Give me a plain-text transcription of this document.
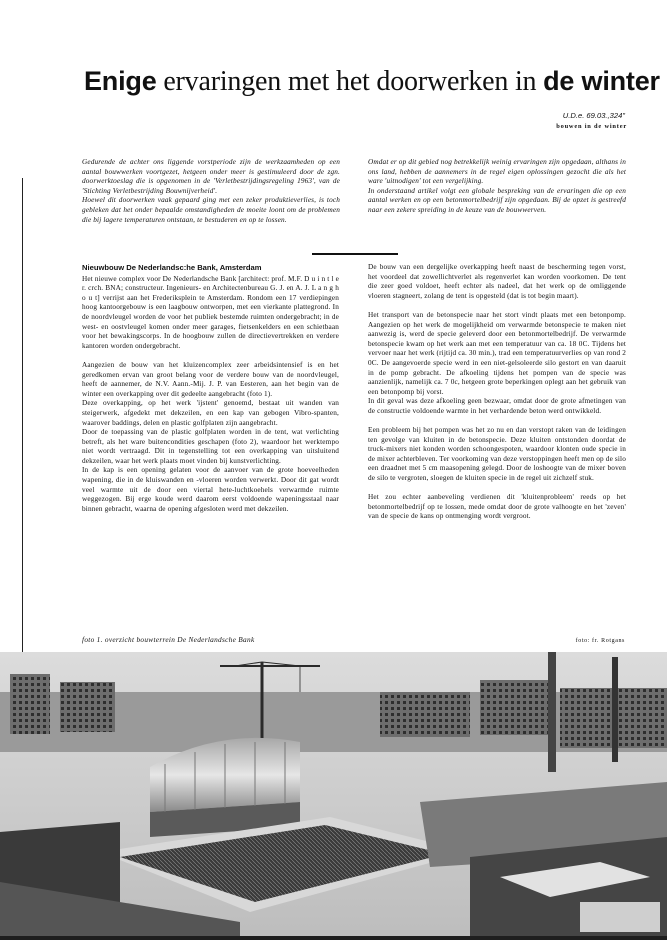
Enige ervaringen met het doorwerken in de winter
U.D.e. 69.03.,324"
bouwen in de winter

Gedurende de achter ons liggende vorstperiode zijn de werkzaamheden op een aantal bouwwerken voortgezet, hetgeen onder meer is gestimuleerd door de zgn. doorwerktoeslag die is opgenomen in de 'Verletbestrijdingsregeling 1963', van de 'Stichting Verletbestrijding Bouwnijverheid'.

Hoewel dit doorwerken vaak gepaard ging met een zeker produktieverlies, is toch gebleken dat het onder bepaalde omstandigheden de moeite loont om de problemen die bij lagere temperaturen ontstaan, te bestuderen en op te lossen.

Omdat er op dit gebied nog betrekkelijk weinig ervaringen zijn opgedaan, althans in ons land, hebben de aannemers in de regel eigen oplossingen gezocht die als het ware 'uitnodigen' tot een vergelijking.

In onderstaand artikel volgt een globale bespreking van de ervaringen die op een aantal werken en op een betonmortelbedrijf zijn opgedaan. Bij de opzet is gestreefd naar een zekere spreiding in de keuze van de bouwwerven.

Nieuwbouw De Nederlandsc:he Bank, Amsterdam

Het nieuwe complex voor De Nederlandsche Bank [architect: prof. M.F. D u i n t l e r. crch. BNA; constructeur. Ingenieurs- en Architectenbureau G. J. en A. J. L a n g h o u t] verrijst aan het Frederiksplein te Amsterdam. Rondom een 17 verdiepingen hoog kantoorgebouw is een laagbouw ontworpen, met een vierkante plattegrond. In de noordvleugel worden de voor het publiek bestemde ruimten ondergebracht; in de west- en oostvleugel komen onder meer garages, fietsenkelders en een schietbaan voor het bewakingscorps. In de hoogbouw zullen de directievertrekken en verdere kantoren worden ondergebracht.

Aangezien de bouw van het kluizencomplex zeer arbeidsintensief is en het geredkomen ervan van groot belang voor de verdere bouw van de noordvleugel, heeft de aannemer, de N.V. Aann.-Mij. J. P. van Eesteren, aan het begin van de winter een overkapping over dit gedeelte aangebracht (foto 1).

Deze overkapping, op het werk 'ijstent' genoemd, bestaat uit wanden van steigerwerk, afgedekt met dekzeilen, en een kap van gebogen Vibro-spanten, waarover baddings, delen en plastic golfplaten zijn aangebracht.

Door de toepassing van de plastic golfplaten worden in de tent, wat verlichting betreft, als het ware buitencondities geschapen (foto 2), waardoor het werktempo niet wordt vertraagd. Dit in tegenstelling tot een overkapping van uitsluitend dekzeilen, waar het werk plaats moet vinden bij kunstverlichting.

In de kap is een opening gelaten voor de aanvoer van de grote hoeveelheden wapening, die in de kluiswanden en -vloeren worden verwerkt. Door dit gat wordt veel warmte uit de door een viertal hete-luchtkoehels verwarmde ruimte weggezogen. Bij erge koude werd daarom eerst voldoende wapeningsstaal naar binnen gebracht, waarna de opening afgesloten werd met dekzeilen.

De bouw van een dergelijke overkapping heeft naast de bescherming tegen vorst, het voordeel dat zowellichtverlet als regenverlet kan worden voorkomen. De tent die zeer goed voldoet, heeft echter als nadeel, dat het werk op de omliggende vloeren stagneert, zolang de tent is opgesteld (dat is tot begin maart).

Het transport van de betonspecie naar het stort vindt plaats met een betonpomp. Aangezien op het werk de mogelijkheid om verwarmde betonspecie te maken niet aanwezig is, werd de specie geleverd door een betonmortelbedrijf. De verwarmde betonspecie kwam op het werk aan met een temperatuur van ca. 18 0C. Tijdens het vervoer naar het werk (rijtijd ca. 30 min.), trad een temperatuurverlies op van rond 2 0C. De aangevoerde specie werd in een niet-gelsoleerde silo gestort en van daaruit in de pomp gebracht. De afkoeling tijdens het pompen van de specie was aanzienlijk, namelijk ca. 7 0c, hetgeen grote beperkingen oplegt aan het gebruik van een betonpomp bij vorst.

In dit geval was deze afkoeling geen bezwaar, omdat door de grote afmetingen van de constructie voldoende warmte in het verhardende beton werd ontwikkeld.

Een probleem bij het pompen was het zo nu en dan verstopt raken van de leidingen ten gevolge van kluiten in de betonspecie. Deze kluiten ontstonden doordat de truck-mixers niet konden worden schoongespoten, waardoor klonten oude specie in de mixer achterbleven. Ter voorkoming van deze verstoppingen heeft men op de silo een draadnet met 5 cm maasopening gelegd. Door de loshoogte van de mixer boven de silo te vergroten, sloegen de kluiten specie in de regel uit zichzelf stuk.

Het zou echter aanbeveling verdienen dit 'kluitenprobleem' reeds op het betonmortelbedrijf op te lossen, mede omdat door de grote valhoogte en het 'zeven' van de specie de kans op ontmenging wordt vergroot.

foto 1. overzicht bouwterrein De Nederlandsche Bank	foto: fr. Rotgans
